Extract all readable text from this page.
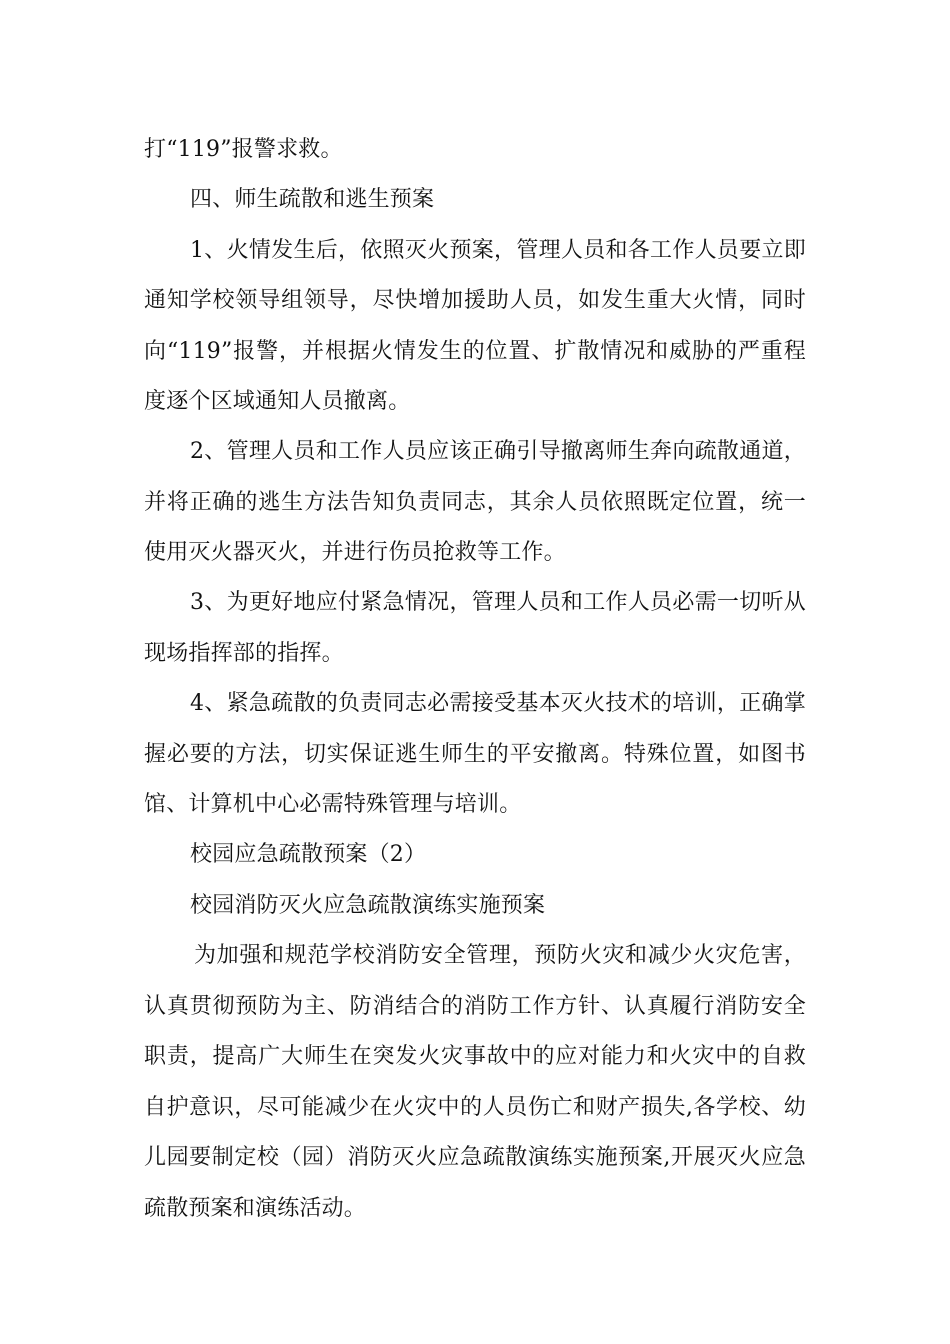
打“119”报警求救。
四、师生疏散和逃生预案
1、火情发生后，依照灭火预案，管理人员和各工作人员要立即
通知学校领导组领导，尽快增加援助人员，如发生重大火情，同时
向“119”报警，并根据火情发生的位置、扩散情况和威胁的严重程
度逐个区域通知人员撤离。
2、管理人员和工作人员应该正确引导撤离师生奔向疏散通道，
并将正确的逃生方法告知负责同志，其余人员依照既定位置，统一
使用灭火器灭火，并进行伤员抢救等工作。
3、为更好地应付紧急情况，管理人员和工作人员必需一切听从
现场指挥部的指挥。
4、紧急疏散的负责同志必需接受基本灭火技术的培训，正确掌
握必要的方法，切实保证逃生师生的平安撤离。特殊位置，如图书
馆、计算机中心必需特殊管理与培训。
校园应急疏散预案（2）
校园消防灭火应急疏散演练实施预案
为加强和规范学校消防安全管理，预防火灾和减少火灾危害，
认真贯彻预防为主、防消结合的消防工作方针、认真履行消防安全
职责，提高广大师生在突发火灾事故中的应对能力和火灾中的自救
自护意识，尽可能减少在火灾中的人员伤亡和财产损失,各学校、幼
儿园要制定校（园）消防灭火应急疏散演练实施预案,开展灭火应急
疏散预案和演练活动。
